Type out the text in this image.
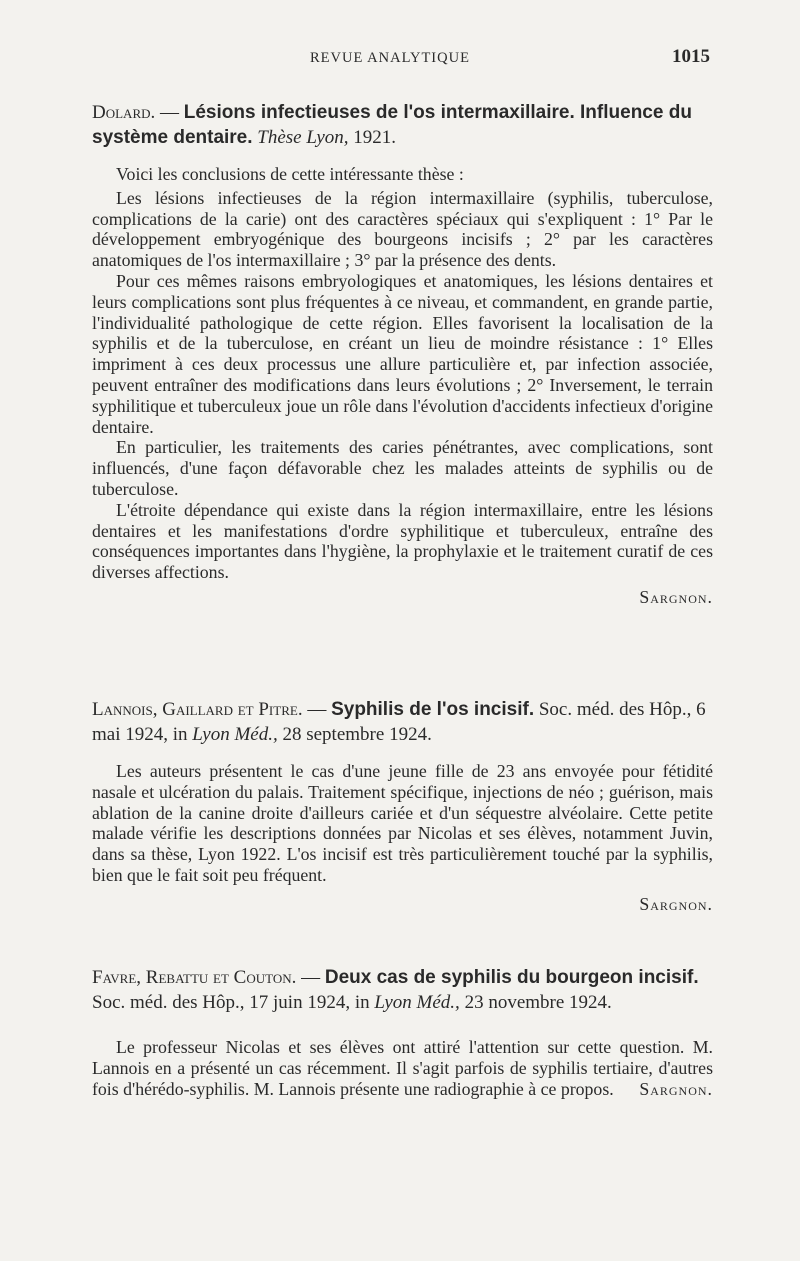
REVUE ANALYTIQUE	1015
Dolard. — Lésions infectieuses de l'os intermaxillaire. Influence du système dentaire. Thèse Lyon, 1921.

Voici les conclusions de cette intéressante thèse :

Les lésions infectieuses de la région intermaxillaire (syphilis, tuberculose, complications de la carie) ont des caractères spéciaux qui s'expliquent : 1° Par le développement embryogénique des bourgeons incisifs ; 2° par les caractères anatomiques de l'os intermaxillaire ; 3° par la présence des dents.

Pour ces mêmes raisons embryologiques et anatomiques, les lésions dentaires et leurs complications sont plus fréquentes à ce niveau, et commandent, en grande partie, l'individualité pathologique de cette région. Elles favorisent la localisation de la syphilis et de la tuberculose, en créant un lieu de moindre résistance : 1° Elles impriment à ces deux processus une allure particulière et, par infection associée, peuvent entraîner des modifications dans leurs évolutions ; 2° Inversement, le terrain syphilitique et tuberculeux joue un rôle dans l'évolution d'accidents infectieux d'origine dentaire.

En particulier, les traitements des caries pénétrantes, avec complications, sont influencés, d'une façon défavorable chez les malades atteints de syphilis ou de tuberculose.

L'étroite dépendance qui existe dans la région intermaxillaire, entre les lésions dentaires et les manifestations d'ordre syphilitique et tuberculeux, entraîne des conséquences importantes dans l'hygiène, la prophylaxie et le traitement curatif de ces diverses affections.

Sargnon.
Lannois, Gaillard et Pitre. — Syphilis de l'os incisif. Soc. méd. des Hôp., 6 mai 1924, in Lyon Méd., 28 septembre 1924.

Les auteurs présentent le cas d'une jeune fille de 23 ans envoyée pour fétidité nasale et ulcération du palais. Traitement spécifique, injections de néo ; guérison, mais ablation de la canine droite d'ailleurs cariée et d'un séquestre alvéolaire. Cette petite malade vérifie les descriptions données par Nicolas et ses élèves, notamment Juvin, dans sa thèse, Lyon 1922. L'os incisif est très particulièrement touché par la syphilis, bien que le fait soit peu fréquent.

Sargnon.
Favre, Rebattu et Couton. — Deux cas de syphilis du bourgeon incisif. Soc. méd. des Hôp., 17 juin 1924, in Lyon Méd., 23 novembre 1924.

Le professeur Nicolas et ses élèves ont attiré l'attention sur cette question. M. Lannois en a présenté un cas récemment. Il s'agit parfois de syphilis tertiaire, d'autres fois d'hérédo-syphilis. M. Lannois présente une radiographie à ce propos.	Sargnon.
